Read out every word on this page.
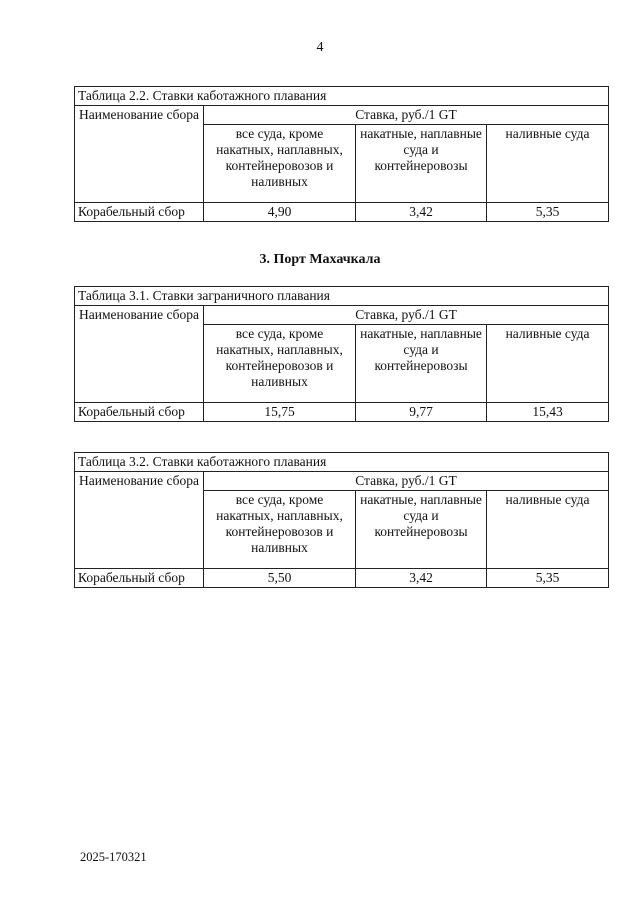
4
Таблица 2.2. Ставки каботажного плавания			
Наименование сбора	Ставка, руб./1 GT		
	все суда, кроме накатных, наплавных, контейнеровозов и наливных	накатные, наплавные суда и контейнеровозы	наливные суда
Корабельный сбор	4,90	3,42	5,35
3. Порт Махачкала
Таблица 3.1. Ставки заграничного плавания			
Наименование сбора	Ставка, руб./1 GT		
	все суда, кроме накатных, наплавных, контейнеровозов и наливных	накатные, наплавные суда и контейнеровозы	наливные суда
Корабельный сбор	15,75	9,77	15,43
Таблица 3.2. Ставки каботажного плавания			
Наименование сбора	Ставка, руб./1 GT		
	все суда, кроме накатных, наплавных, контейнеровозов и наливных	накатные, наплавные суда и контейнеровозы	наливные суда
Корабельный сбор	5,50	3,42	5,35
2025-170321
